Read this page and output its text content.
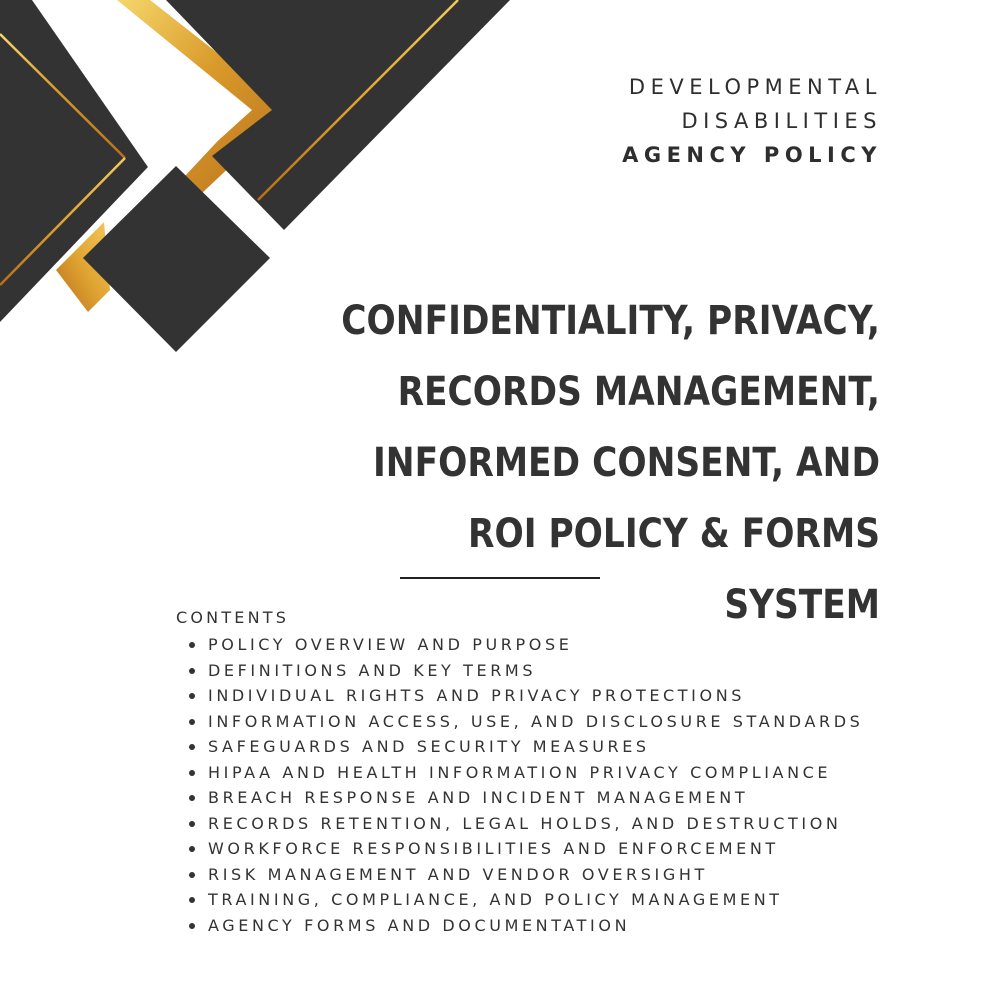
DEVELOPMENTAL
DISABILITIES
AGENCY POLICY
CONFIDENTIALITY, PRIVACY,
RECORDS MANAGEMENT,
INFORMED CONSENT, AND
ROI POLICY & FORMS
SYSTEM
CONTENTS
POLICY OVERVIEW AND PURPOSE
DEFINITIONS AND KEY TERMS
INDIVIDUAL RIGHTS AND PRIVACY PROTECTIONS
INFORMATION ACCESS, USE, AND DISCLOSURE STANDARDS
SAFEGUARDS AND SECURITY MEASURES
HIPAA AND HEALTH INFORMATION PRIVACY COMPLIANCE
BREACH RESPONSE AND INCIDENT MANAGEMENT
RECORDS RETENTION, LEGAL HOLDS, AND DESTRUCTION
WORKFORCE RESPONSIBILITIES AND ENFORCEMENT
RISK MANAGEMENT AND VENDOR OVERSIGHT
TRAINING, COMPLIANCE, AND POLICY MANAGEMENT
AGENCY FORMS AND DOCUMENTATION
